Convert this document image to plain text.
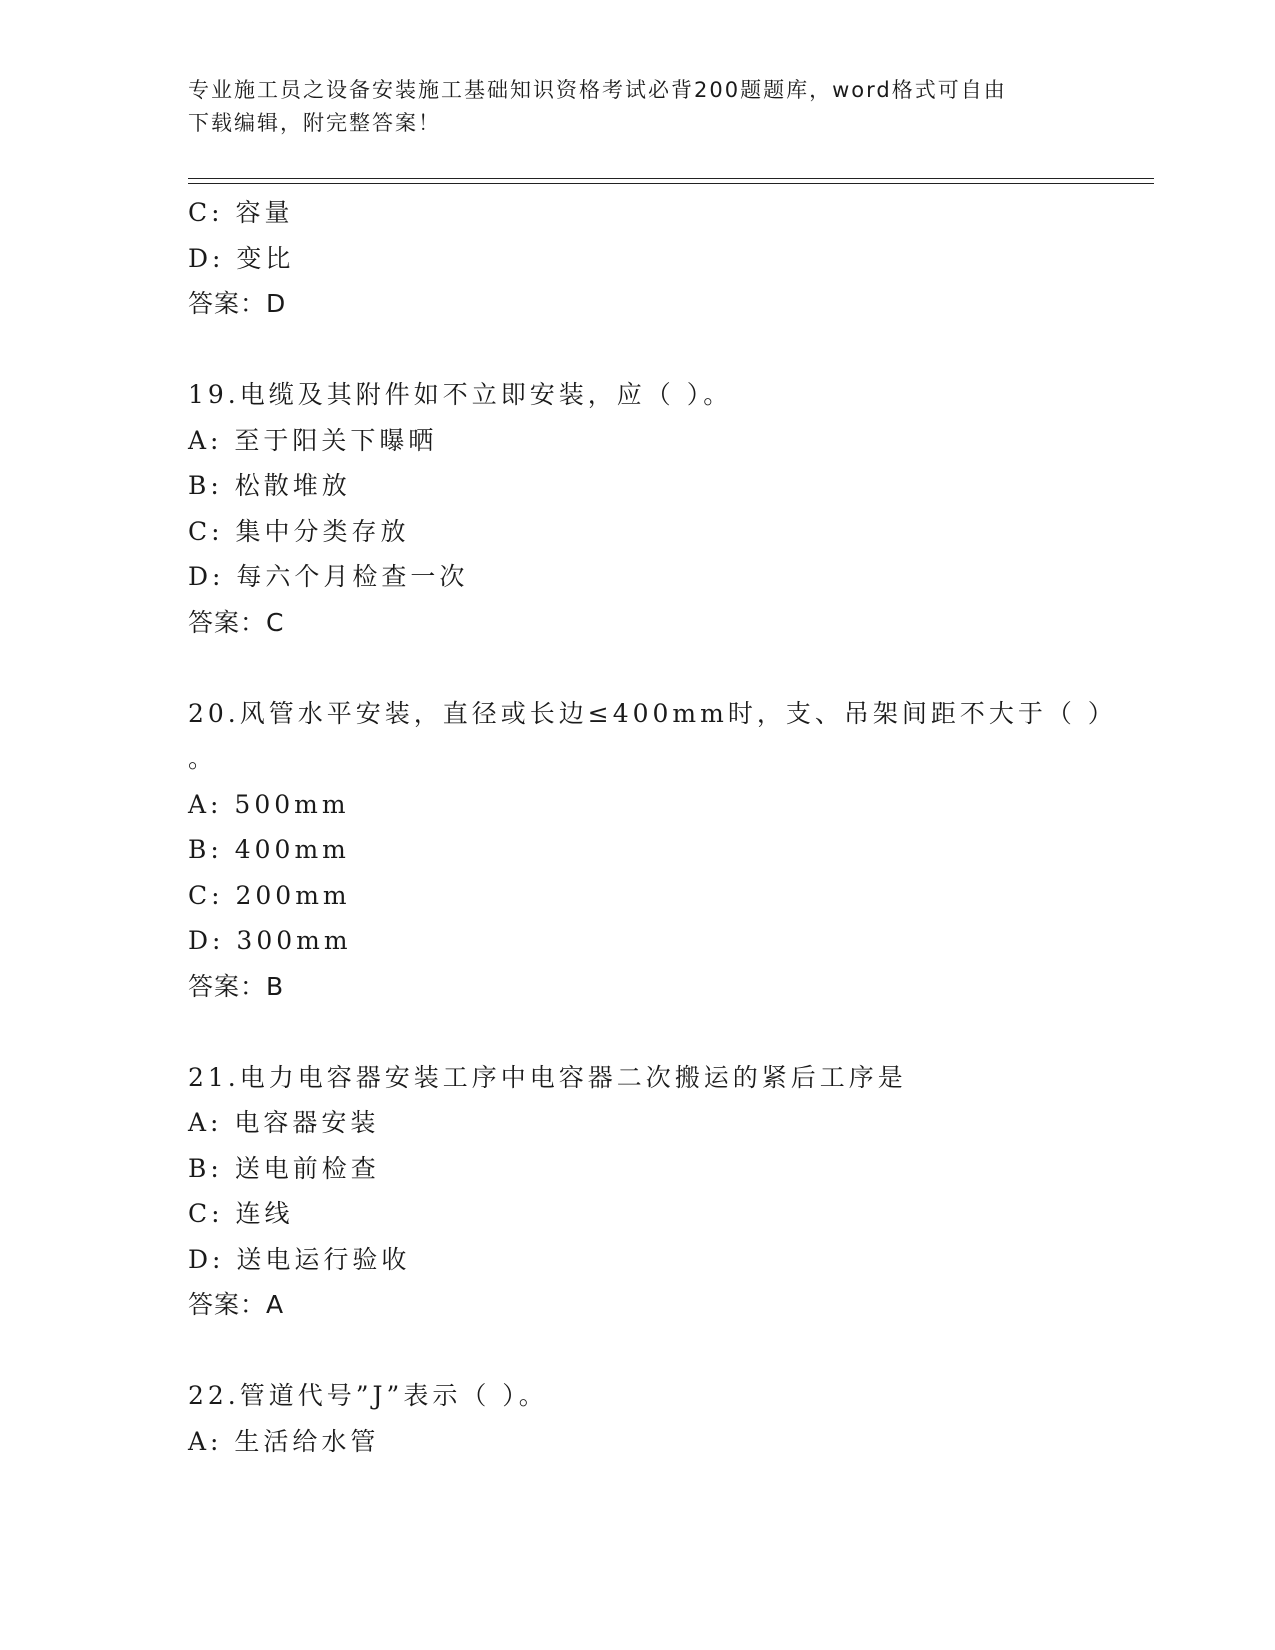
专业施工员之设备安装施工基础知识资格考试必背200题题库，word格式可自由
下载编辑，附完整答案！
C: 容量
D: 变比
答案：D
19.电缆及其附件如不立即安装，应（ ）。
A: 至于阳关下曝晒
B: 松散堆放
C: 集中分类存放
D: 每六个月检查一次
答案：C
20.风管水平安装，直径或长边≤400mm时，支、吊架间距不大于（ ）
。
A: 500mm
B: 400mm
C: 200mm
D: 300mm
答案：B
21.电力电容器安装工序中电容器二次搬运的紧后工序是
A: 电容器安装
B: 送电前检查
C: 连线
D: 送电运行验收
答案：A
22.管道代号”J”表示（ ）。
A: 生活给水管
